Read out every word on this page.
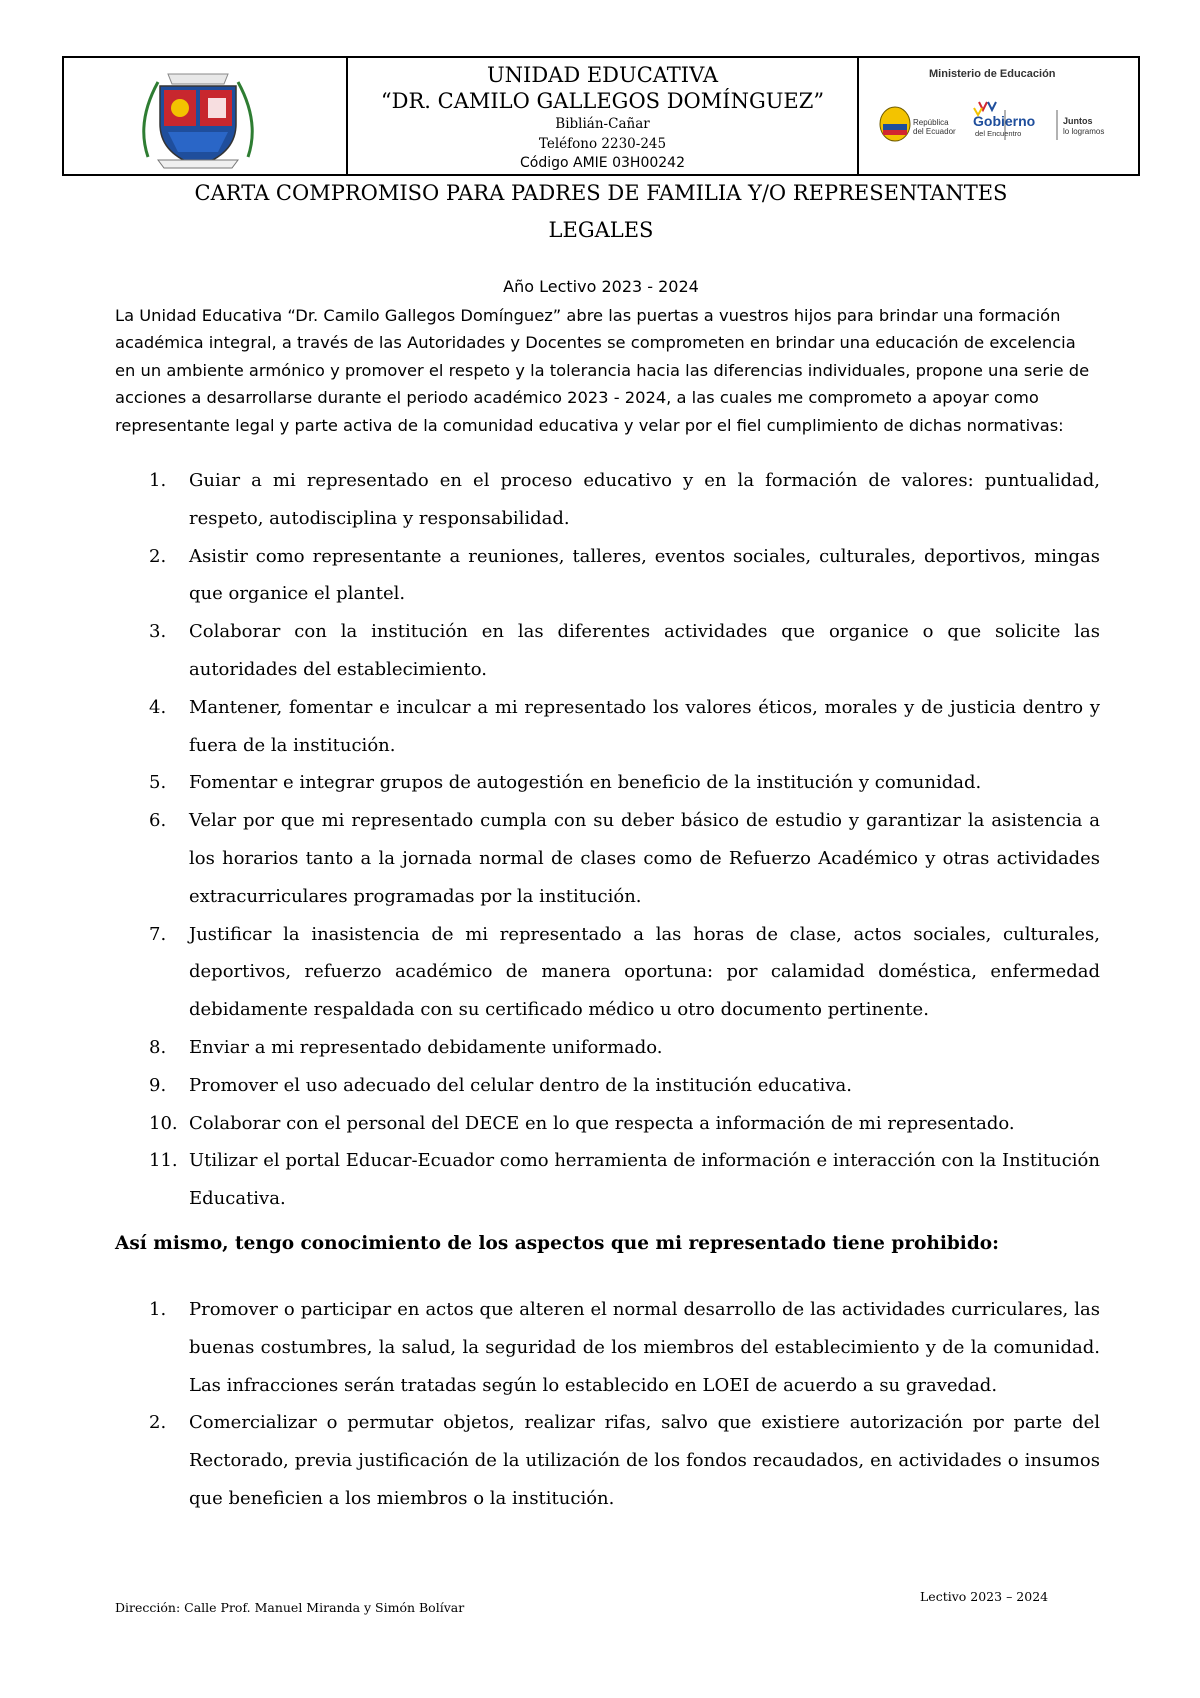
UNIDAD EDUCATIVA
“DR. CAMILO GALLEGOS DOMÍNGUEZ”
Biblián-Cañar
Teléfono 2230-245
Código AMIE 03H00242
Ministerio de Educación
República
del Ecuador
Gobierno
del Encuentro
Juntos
lo logramos
CARTA COMPROMISO PARA PADRES DE FAMILIA Y/O REPRESENTANTES
LEGALES
Año Lectivo 2023 - 2024
La Unidad Educativa “Dr. Camilo Gallegos Domínguez” abre las puertas a vuestros hijos para brindar una formación académica integral, a través de las Autoridades y Docentes se comprometen en brindar una educación de excelencia en un ambiente armónico y promover el respeto y la tolerancia hacia las diferencias individuales, propone una serie de acciones a desarrollarse durante el periodo académico 2023 - 2024, a las cuales me comprometo a apoyar como representante legal y parte activa de la comunidad educativa y velar por el fiel cumplimiento de dichas normativas:
1. Guiar a mi representado en el proceso educativo y en la formación de valores: puntualidad, respeto, autodisciplina y responsabilidad.
2. Asistir como representante a reuniones, talleres, eventos sociales, culturales, deportivos, mingas que organice el plantel.
3. Colaborar con la institución en las diferentes actividades que organice o que solicite las autoridades del establecimiento.
4. Mantener, fomentar e inculcar a mi representado los valores éticos, morales y de justicia dentro y fuera de la institución.
5. Fomentar e integrar grupos de autogestión en beneficio de la institución y comunidad.
6. Velar por que mi representado cumpla con su deber básico de estudio y garantizar la asistencia a los horarios tanto a la jornada normal de clases como de Refuerzo Académico y otras actividades extracurriculares programadas por la institución.
7. Justificar la inasistencia de mi representado a las horas de clase, actos sociales, culturales, deportivos, refuerzo académico de manera oportuna: por calamidad doméstica, enfermedad debidamente respaldada con su certificado médico u otro documento pertinente.
8. Enviar a mi representado debidamente uniformado.
9. Promover el uso adecuado del celular dentro de la institución educativa.
10. Colaborar con el personal del DECE en lo que respecta a información de mi representado.
11. Utilizar el portal Educar-Ecuador como herramienta de información e interacción con la Institución Educativa.
Así mismo, tengo conocimiento de los aspectos que mi representado tiene prohibido:
1. Promover o participar en actos que alteren el normal desarrollo de las actividades curriculares, las buenas costumbres, la salud, la seguridad de los miembros del establecimiento y de la comunidad. Las infracciones serán tratadas según lo establecido en LOEI de acuerdo a su gravedad.
2. Comercializar o permutar objetos, realizar rifas, salvo que existiere autorización por parte del Rectorado, previa justificación de la utilización de los fondos recaudados, en actividades o insumos que beneficien a los miembros o la institución.
Dirección: Calle Prof. Manuel Miranda y Simón Bolívar
Lectivo 2023 – 2024
